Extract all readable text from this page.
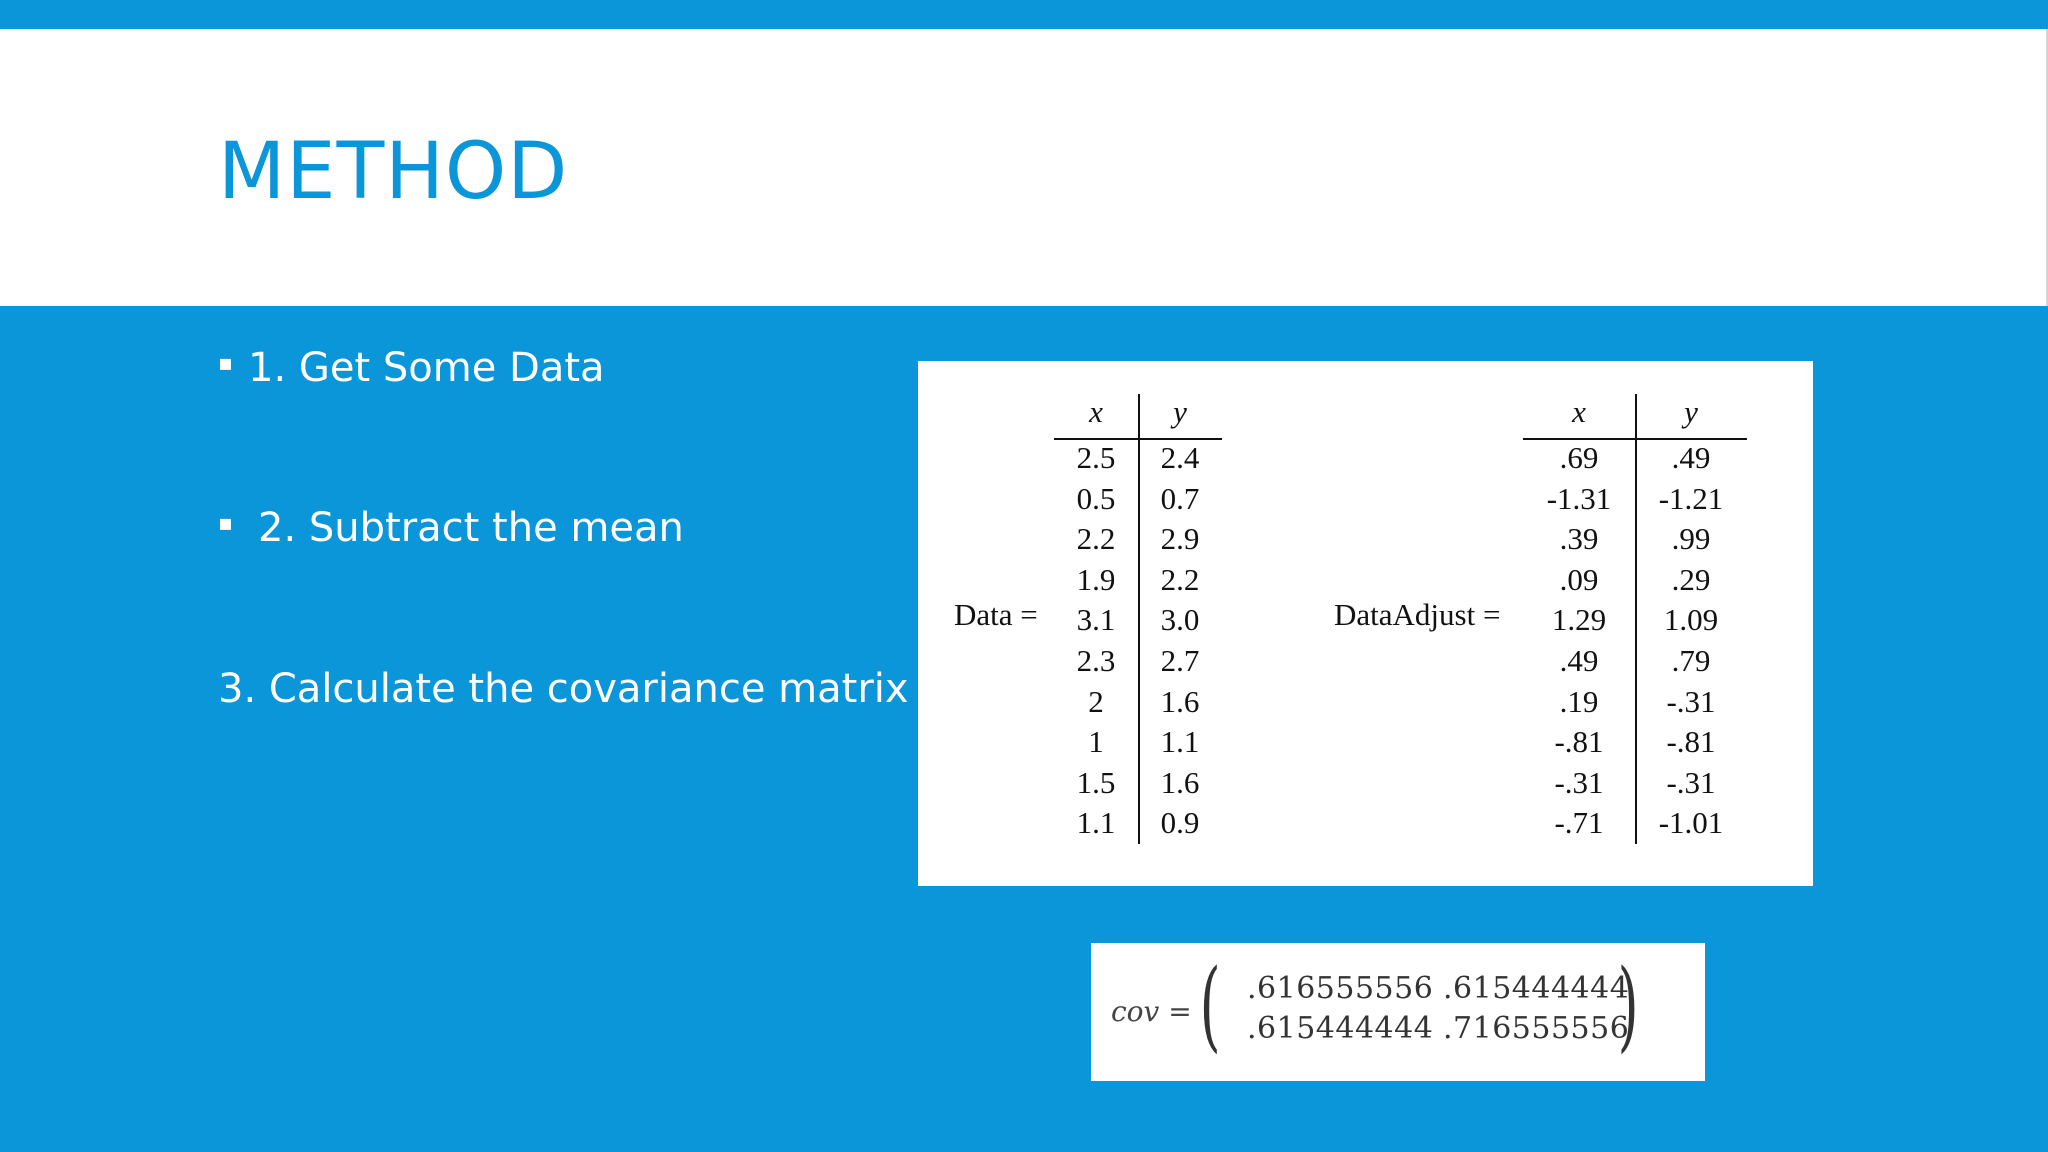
METHOD
▪ 1. Get Some Data
▪ 2. Subtract the mean
3. Calculate the covariance matrix
Data =
x
2.5
0.5
2.2
1.9
3.1
2.3
2
1
1.5
1.1
y
2.4
0.7
2.9
2.2
3.0
2.7
1.6
1.1
1.6
0.9
DataAdjust =
x
.69
-1.31
.39
.09
1.29
.49
.19
-.81
-.31
-.71
y
.49
-1.21
.99
.29
1.09
.79
-.31
-.81
-.31
-1.01
cov = ( .616555556 .615444444
.615444444 .716555556
)
